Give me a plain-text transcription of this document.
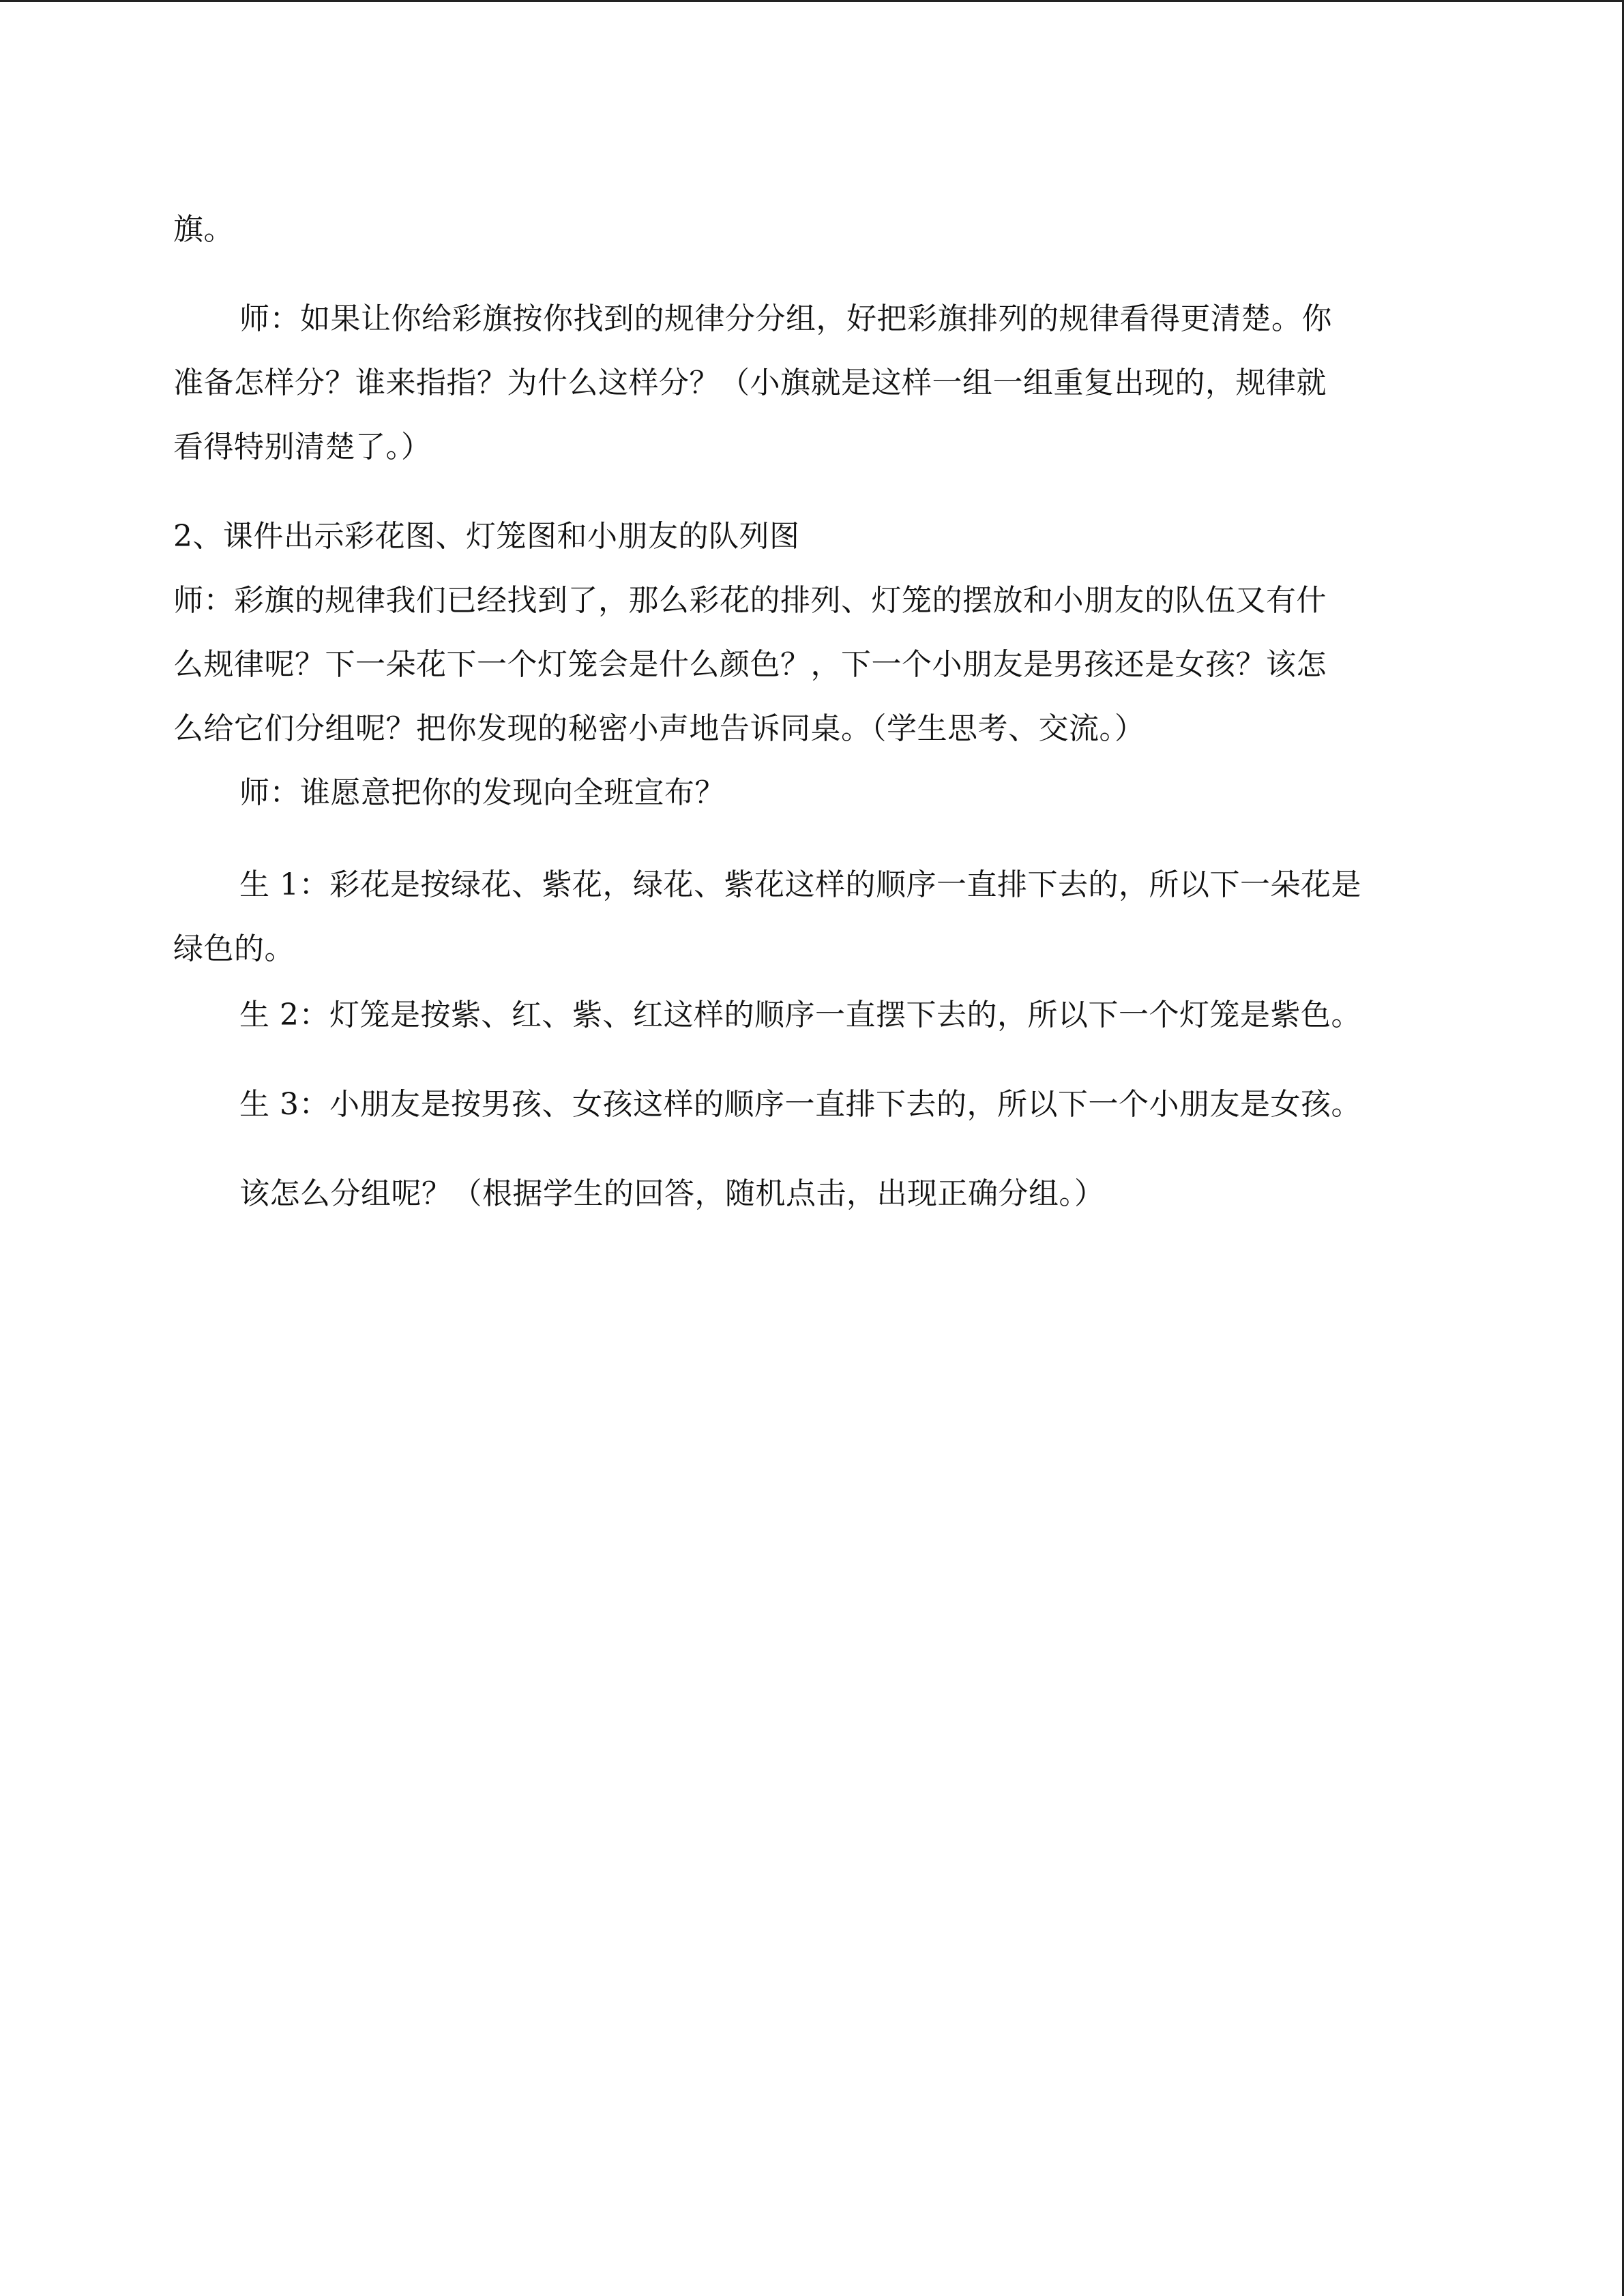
旗。
师：如果让你给彩旗按你找到的规律分分组，好把彩旗排列的规律看得更清楚。你
准备怎样分？谁来指指？为什么这样分？（小旗就是这样一组一组重复出现的，规律就
看得特别清楚了。）
2、课件出示彩花图、灯笼图和小朋友的队列图
师：彩旗的规律我们已经找到了，那么彩花的排列、灯笼的摆放和小朋友的队伍又有什
么规律呢？下一朵花下一个灯笼会是什么颜色？，下一个小朋友是男孩还是女孩？该怎
么给它们分组呢？把你发现的秘密小声地告诉同桌。（学生思考、交流。）
师：谁愿意把你的发现向全班宣布？
生 1：彩花是按绿花、紫花，绿花、紫花这样的顺序一直排下去的，所以下一朵花是
绿色的。
生 2：灯笼是按紫、红、紫、红这样的顺序一直摆下去的，所以下一个灯笼是紫色。
生 3：小朋友是按男孩、女孩这样的顺序一直排下去的，所以下一个小朋友是女孩。
该怎么分组呢？（根据学生的回答，随机点击，出现正确分组。）
